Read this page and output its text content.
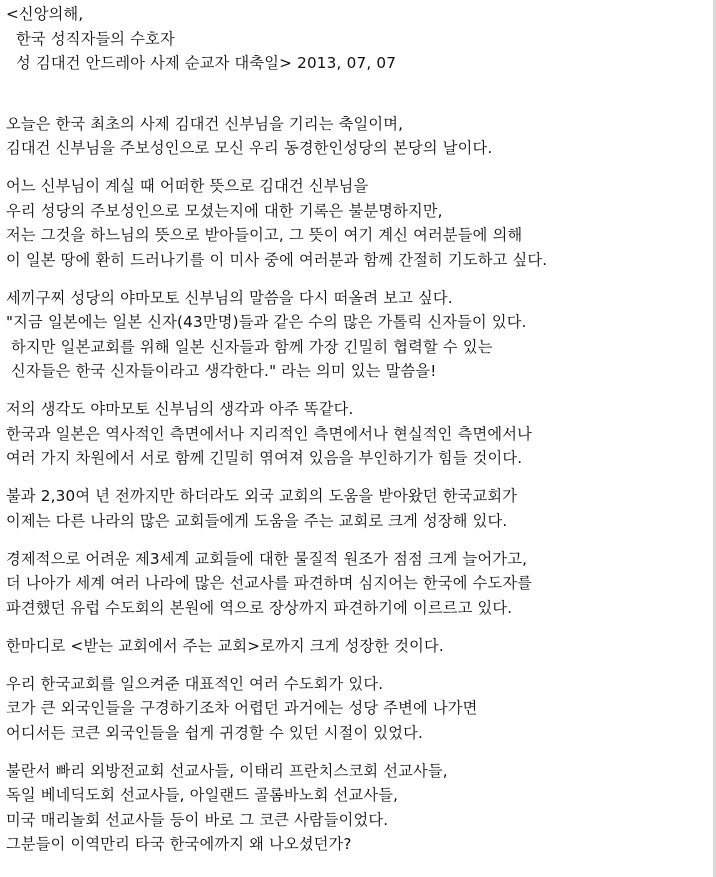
<신앙의해,
한국 성직자들의 수호자
성 김대건 안드레아 사제 순교자 대축일> 2013, 07, 07
오늘은 한국 최초의 사제 김대건 신부님을 기리는 축일이며,
김대건 신부님을 주보성인으로 모신 우리 동경한인성당의 본당의 날이다.
어느 신부님이 계실 때 어떠한 뜻으로 김대건 신부님을
우리 성당의 주보성인으로 모셨는지에 대한 기록은 불분명하지만,
저는 그것을 하느님의 뜻으로 받아들이고, 그 뜻이 여기 계신 여러분들에 의해
이 일본 땅에 환히 드러나기를 이 미사 중에 여러분과 함께 간절히 기도하고 싶다.
세끼구찌 성당의 야마모토 신부님의 말씀을 다시 떠올려 보고 싶다.
"지금 일본에는 일본 신자(43만명)들과 같은 수의 많은 가톨릭 신자들이 있다.
하지만 일본교회를 위해 일본 신자들과 함께 가장 긴밀히 협력할 수 있는
신자들은 한국 신자들이라고 생각한다." 라는 의미 있는 말씀을!
저의 생각도 야마모토 신부님의 생각과 아주 똑같다.
한국과 일본은 역사적인 측면에서나 지리적인 측면에서나 현실적인 측면에서나
여러 가지 차원에서 서로 함께 긴밀히 엮여져 있음을 부인하기가 힘들 것이다.
불과 2,30여 년 전까지만 하더라도 외국 교회의 도움을 받아왔던 한국교회가
이제는 다른 나라의 많은 교회들에게 도움을 주는 교회로 크게 성장해 있다.
경제적으로 어려운 제3세계 교회들에 대한 물질적 원조가 점점 크게 늘어가고,
더 나아가 세계 여러 나라에 많은 선교사를 파견하며 심지어는 한국에 수도자를
파견했던 유럽 수도회의 본원에 역으로 장상까지 파견하기에 이르르고 있다.
한마디로 <받는 교회에서 주는 교회>로까지 크게 성장한 것이다.
우리 한국교회를 일으켜준 대표적인 여러 수도회가 있다.
코가 큰 외국인들을 구경하기조차 어렵던 과거에는 성당 주변에 나가면
어디서든 코큰 외국인들을 쉽게 귀경할 수 있던 시절이 있었다.
불란서 빠리 외방전교회 선교사들, 이태리 프란치스코회 선교사들,
독일 베네딕도회 선교사들, 아일랜드 골롬바노회 선교사들,
미국 매리놀회 선교사들 등이 바로 그 코큰 사람들이었다.
그분들이 이역만리 타국 한국에까지 왜 나오셨던가?
